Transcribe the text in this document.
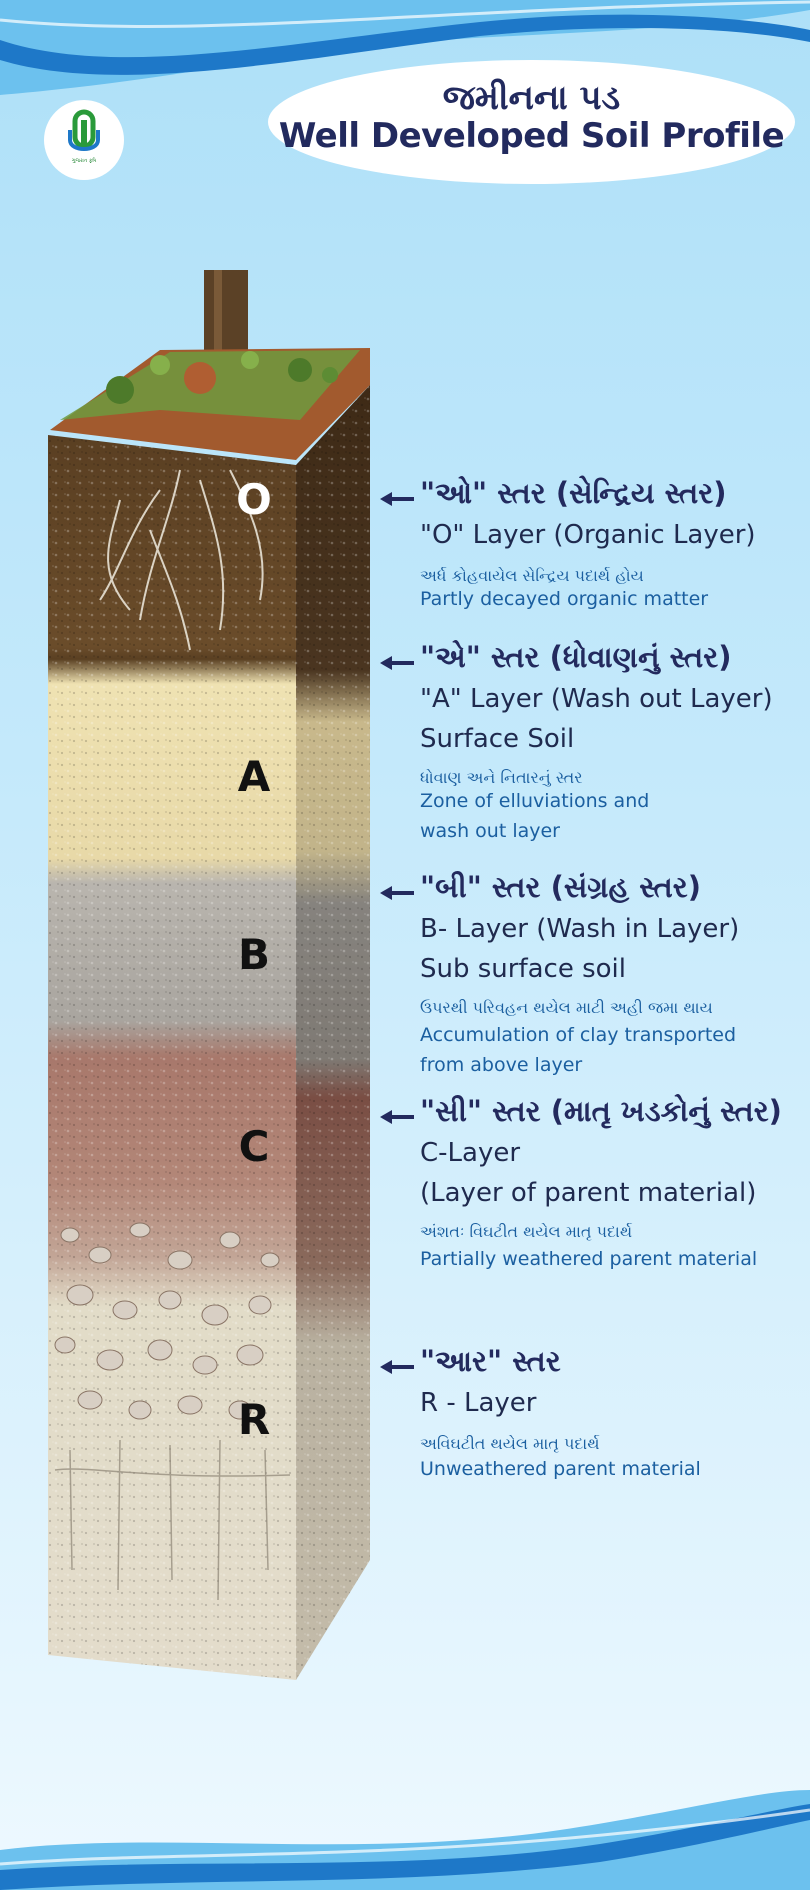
ગુજરાત કૃષિ
જમીનના પડ
Well Developed Soil Profile
O
A
B
C
R
"ઓ" સ્તર (સેન્દ્રિય સ્તર)
"O" Layer (Organic Layer)
અર્ધ કોહવાયેલ સેન્દ્રિય પદાર્થ હોય
Partly decayed organic matter
"એ" સ્તર (ધોવાણનું સ્તર)
"A" Layer (Wash out Layer)
Surface Soil
ધોવાણ અને નિતારનું સ્તર
Zone of elluviations and
wash out layer
"બી" સ્તર (સંગ્રહ સ્તર)
B- Layer (Wash in Layer)
Sub surface soil
ઉપરથી પરિવહન થયેલ માટી અહી જમા થાય
Accumulation of clay transported
from above layer
"સી" સ્તર (માતૃ ખડકોનું સ્તર)
C-Layer
(Layer of parent material)
અંશતઃ વિઘટીત થયેલ માતૃ પદાર્થ
Partially weathered parent material
"આર" સ્તર
R - Layer
અવિઘટીત થયેલ માતૃ પદાર્થ
Unweathered parent material
